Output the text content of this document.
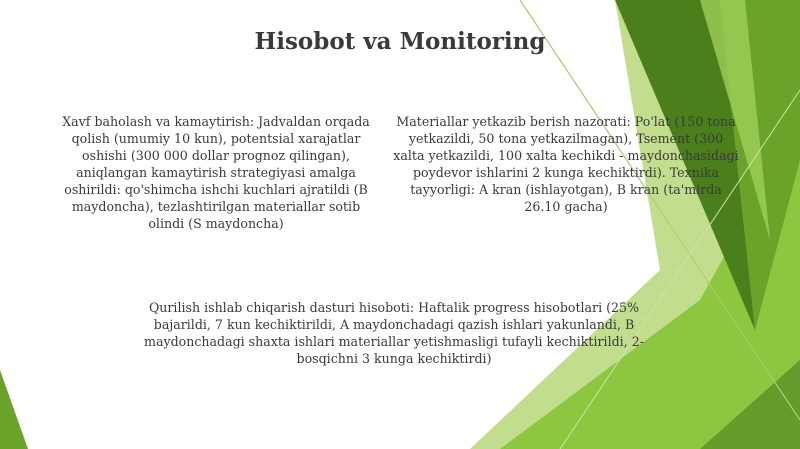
Hisobot va Monitoring
Xavf baholash va kamaytirish: Jadvaldan orqada qolish (umumiy 10 kun), potentsial xarajatlar oshishi (300 000 dollar prognoz qilingan), aniqlangan kamaytirish strategiyasi amalga oshirildi: qo'shimcha ishchi kuchlari ajratildi (B maydoncha), tezlashtirilgan materiallar sotib olindi (S maydoncha)
Materiallar yetkazib berish nazorati: Po'lat (150 tona yetkazildi, 50 tona yetkazilmagan), Tsement (300 xalta yetkazildi, 100 xalta kechikdi - maydonchasidagi poydevor ishlarini 2 kunga kechiktirdi). Texnika tayyorligi: A kran (ishlayotgan), B kran (ta'mirda 26.10 gacha)
Qurilish ishlab chiqarish dasturi hisoboti: Haftalik progress hisobotlari (25% bajarildi, 7 kun kechiktirildi, A maydonchadagi qazish ishlari yakunlandi, B maydonchadagi shaxta ishlari materiallar yetishmasligi tufayli kechiktirildi, 2-bosqichni 3 kunga kechiktirdi)
